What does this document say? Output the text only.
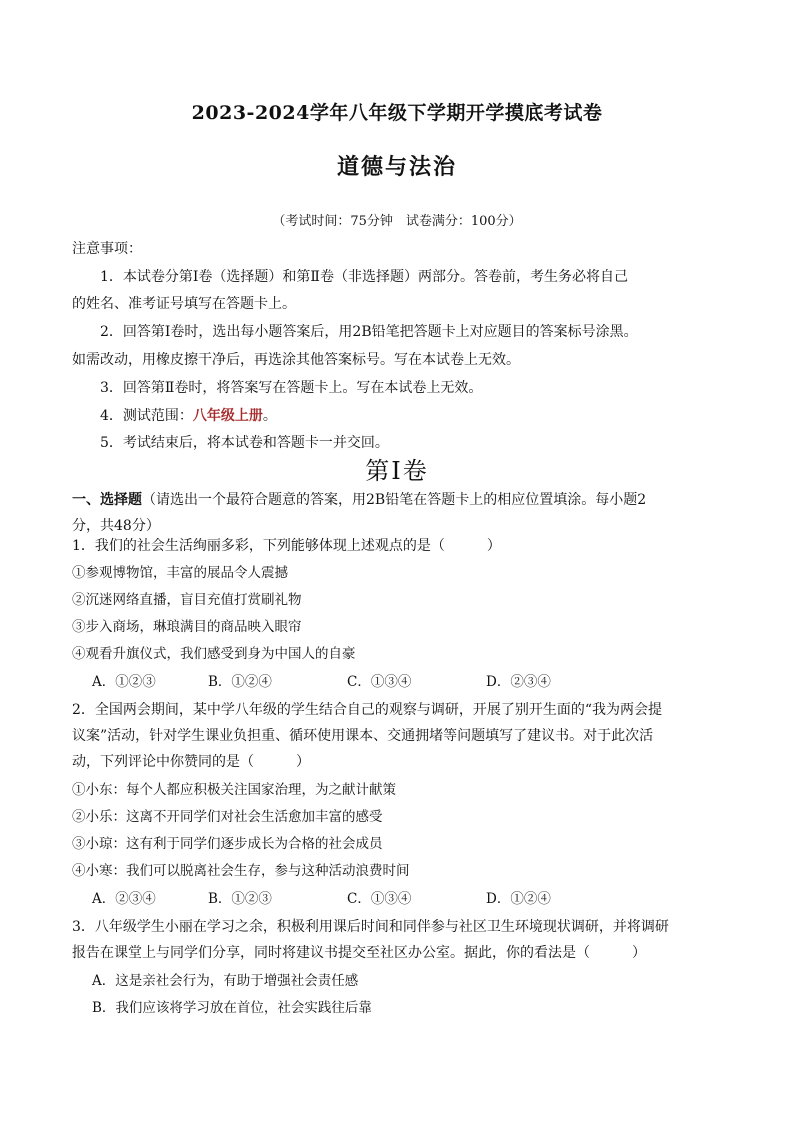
2023-2024学年八年级下学期开学摸底考试卷
道德与法治
（考试时间：75分钟　试卷满分：100分）
注意事项：
1．本试卷分第Ⅰ卷（选择题）和第Ⅱ卷（非选择题）两部分。答卷前，考生务必将自己
的姓名、准考证号填写在答题卡上。
2．回答第Ⅰ卷时，选出每小题答案后，用2B铅笔把答题卡上对应题目的答案标号涂黑。
如需改动，用橡皮擦干净后，再选涂其他答案标号。写在本试卷上无效。
3．回答第Ⅱ卷时，将答案写在答题卡上。写在本试卷上无效。
4．测试范围：八年级上册。
5．考试结束后，将本试卷和答题卡一并交回。
第Ⅰ卷
一、选择题（请选出一个最符合题意的答案，用2B铅笔在答题卡上的相应位置填涂。每小题2
分，共48分）
1．我们的社会生活绚丽多彩，下列能够体现上述观点的是（　　　）
①参观博物馆，丰富的展品令人震撼
②沉迷网络直播，盲目充值打赏刷礼物
③步入商场，琳琅满目的商品映入眼帘
④观看升旗仪式，我们感受到身为中国人的自豪
A．①②③	B．①②④	C．①③④	D．②③④
2．全国两会期间，某中学八年级的学生结合自己的观察与调研，开展了别开生面的“我为两会提
议案”活动，针对学生课业负担重、循环使用课本、交通拥堵等问题填写了建议书。对于此次活
动，下列评论中你赞同的是（　　　）
①小东：每个人都应积极关注国家治理，为之献计献策
②小乐：这离不开同学们对社会生活愈加丰富的感受
③小琼：这有利于同学们逐步成长为合格的社会成员
④小寒：我们可以脱离社会生存，参与这种活动浪费时间
A．②③④	B．①②③	C．①③④	D．①②④
3．八年级学生小丽在学习之余，积极利用课后时间和同伴参与社区卫生环境现状调研，并将调研
报告在课堂上与同学们分享，同时将建议书提交至社区办公室。据此，你的看法是（　　　）
A．这是亲社会行为，有助于增强社会责任感
B．我们应该将学习放在首位，社会实践往后靠
